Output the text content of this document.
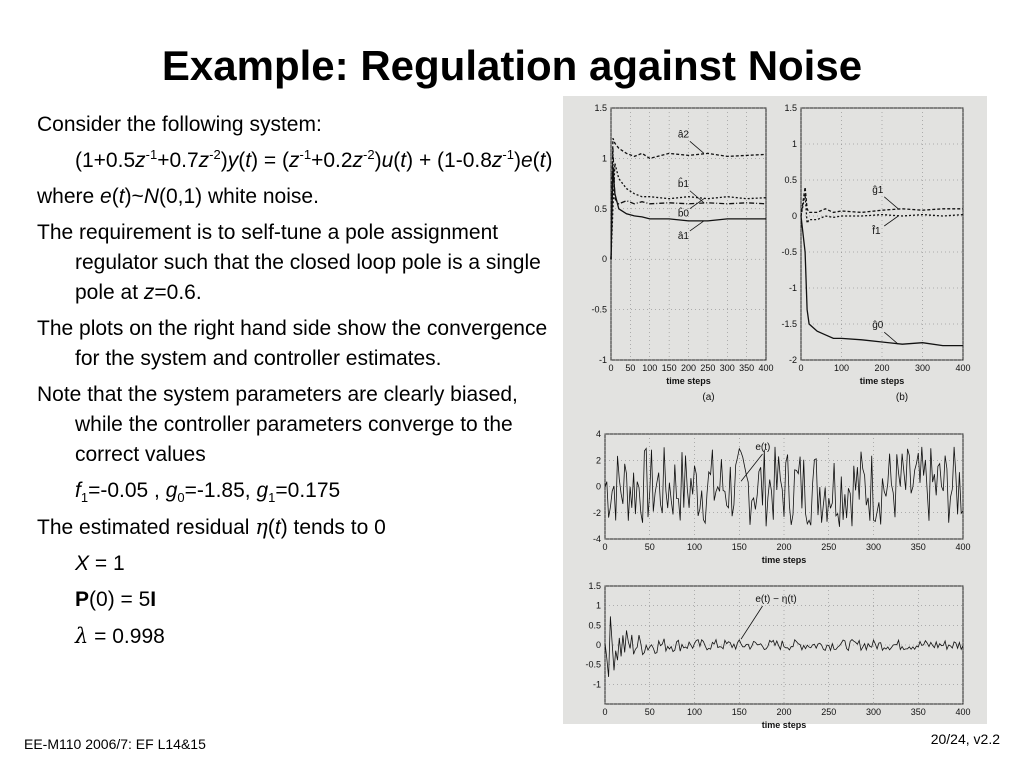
Example: Regulation against Noise

Consider the following system:

$(1+0.5z^{-1}+0.7z^{-2})y(t) = (z^{-1}+0.2z^{-2})u(t) + (1-0.8z^{-1})e(t)$

where e(t)~N(0,1) white noise.

The requirement is to self-tune a pole assignment regulator such that the closed loop pole is a single pole at z=0.6.

The plots on the right hand side show the convergence for the system and controller estimates.

Note that the system parameters are clearly biased, while the controller parameters converge to the correct values

$f_1=-0.05$ , $g_0=-1.85$, $g_1=0.175$

The estimated residual η(t) tends to 0

X = 1

P(0) = 5I

λ = 0.998

0 50 100 150 200 250 300 350 400
-1
-0.5
0
0.5
1
1.5
time steps
(a)
â2
b̂0
b̂1
â1
0	100	200	300	400
-2
-1.5
-1
-0.5
0
0.5
1
1.5
time steps
(b)
ĝ1
f̂1
ĝ0
0	50	100	150	200	250	300	350	400
-4
-2
0
2
4
time steps
e(t)
0	50	100	150	200	250	300	350	400
-1
-0.5
0
0.5
1
1.5
time steps
e(t) − η(t)
EE-M110 2006/7: EF L14&15	20/24, v2.2
